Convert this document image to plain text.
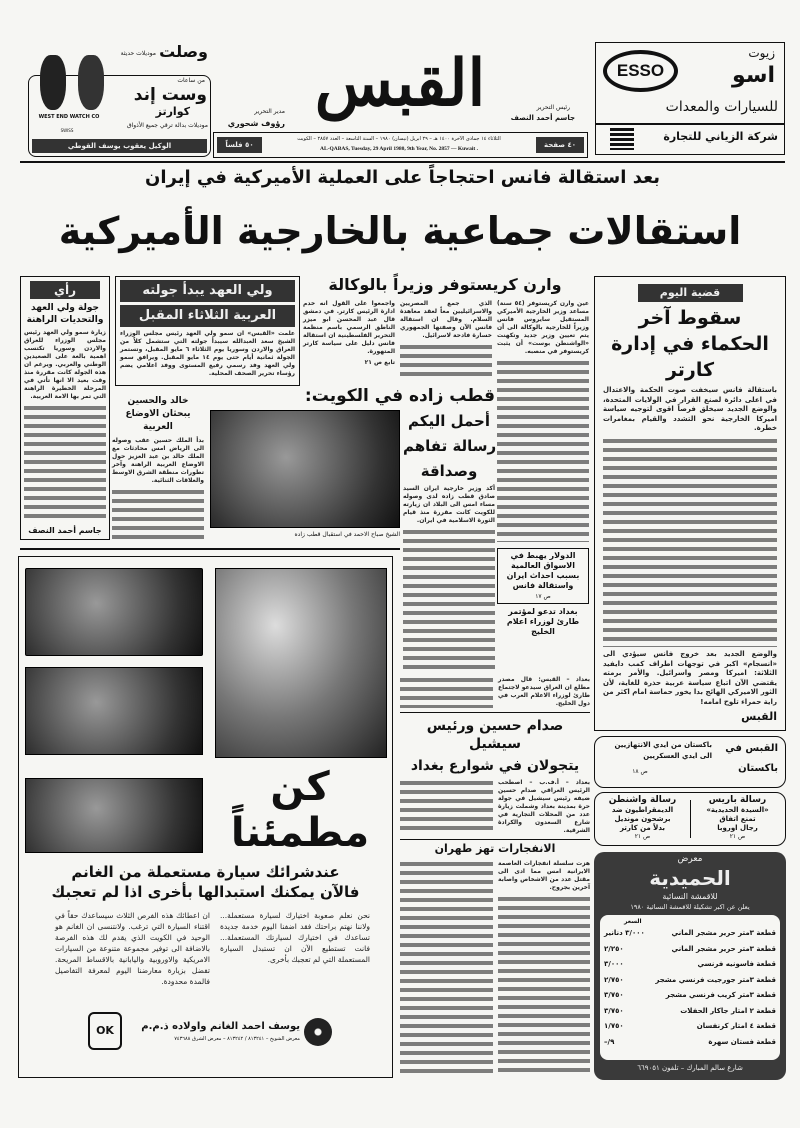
وصلت
موديلات حديثة
من ساعات
وست إند
كوارتز
موديلات بدالة ترقي جميع الأذواق
WEST END WATCH CO
SWISS
الوكيل يعقوب يوسف القوطي
القبس	رئيس التحرير
جاسم أحمد النصف
مدير التحرير
رؤوف شحوري
٥٠ فلساً	٤٠ صفحة
الثلاثاء ١٤ جمادى الآخرة ١٤٠٠ هـ – ٢٩ ابريل (نيسان) ١٩٨٠ – السنة التاسعة – العدد ٢٨٥٧ – الكويت
AL-QABAS, Tuesday, 29 April 1980, 9th Year, No. 2857 — Kuwait .
ESSO
زيوت
اسو
للسيارات والمعدات
شركة الزياني للتجارة
بعد استقالة فانس احتجاجاً على العملية الأميركية في إيران
استقالات جماعية بالخارجية الأميركية
قضية اليوم
سقوط آخر الحكماء في إدارة كارتر
باستقالة فانس سيخفت صوت الحكمة والاعتدال في اعلى دائرة لصنع القرار في الولايات المتحدة، والوضع الجديد سيخلق فرصاً اقوى لتوجيه سياسة اميركا الخارجية نحو التشدد والقيام بمغامرات خطرة.
والوضع الجديد بعد خروج فانس سيؤدي الى «انسجام» اكبر في توجهات اطراف كمب دايفيد الثلاثة: اميركا ومصر واسرائيل. والأمر برمته يقتضي الآن اتباع سياسة عربية حذرة للغاية، لأن الثور الاميركي الهائج بدا يخور حماسة امام اكثر من راية حمراء تلوح امامه!
القبس
القبس في
باكستان
باكستان من ايدي الانتهازيين
الى ايدي العسكريين
ص ١٨
رسالة باريس
«السيدة الحديدية»
تمنع اتفاق
رجال اوروبا
ص ٢١
رسالة واشنطن
الديمقراطيون ضد
برشحون مونديل
بدلاً من كارتر
ص ٢١
معرض
الحميدية
للاقمشة النسائية
يعلن عن اكبر تشكيلة للاقمشة النسائية ١٩٨٠
السعر
قطعة ٣متر حرير مشجر الماني
٣/٠٠٠ دنانير
قطعة ٣متر حرير مشجر الماني
٢/٢٥٠
قطعة فاسونيه فرنسي
٣/٠٠٠
قطعة ٣متر جورجيت فرنسي مشجر
٢/٧٥٠
قطعة ٣متر كريب فرنسي مشجر
٣/٧٥٠
قطعة ٢ امتار جاكار الحفلات
٣/٧٥٠
قطعة ٤ امتار كرنفسان
١/٧٥٠
قطعة فستان سهرة
٩/–
شارع سالم المبارك – تلفون ٦٦٩٠٥١
وارن كريستوفر وزيراً بالوكالة
عين وارن كريستوفر (٥٤ سنة) مساعد وزير الخارجية الأميركي المستقيل سايروس فانس وزيراً للخارجية بالوكالة الى أن يتم تعيين وزير جديد وتكهنت «الواشنطن بوست» أن يثبت كريستوفر في منصبه.
الذي جمع المصريين والاسرائيليين معاً لعقد معاهدة السلام. وقال ان استقالة فانس الآن وصفتها الجمهوري خسارة فادحة لاسرائيل.
واجمعوا على القول انه خدم ادارة الرئيس كارتر. في دمشق قال عبد المحسن ابو ميزر الناطق الرسمي باسم منظمة التحرير الفلسطينية ان استقالة فانس دليل على سياسة كارتر المتهورة.
تابع ص ٢١
رأي
جولة ولي العهد والتحديات الراهنة
زيارة سمو ولي العهد رئيس مجلس الوزراء للعراق والاردن وسوريا تكتسب اهمية بالغة على الصعيدين الوطني والعربي. ويرغم ان هذه الجولة كانت مقررة منذ وقت بعيد الا انها تأتي في المرحلة الخطيرة الراهنة التي تمر بها الامة العربية.
جاسم أحمد النصف
ولي العهد يبدأ جولته
العربية الثلاثاء المقبل
علمت «القبس» ان سمو ولي العهد رئيس مجلس الوزراء الشيخ سعد العبدالله سيبدأ جولته التي ستشمل كلاً من العراق والاردن وسوريا يوم الثلاثاء ٦ مايو المقبل، وتستمر الجولة ثمانية أيام حتى يوم ١٤ مايو المقبل. ويرافق سمو ولي العهد وفد رسمي رفيع المستوى ووفد اعلامي يضم رؤساء تحرير الصحف المحلية.
خالد والحسين يبحثان الاوضاع العربية
بدأ الملك حسين عقب وصوله الى الرياض امس محادثات مع الملك خالد بن عبد العزيز حول الاوضاع العربية الراهنة وآخر تطورات منطقة الشرق الاوسط والعلاقات الثنائية.
قطب زاده في الكويت:
الشيخ صباح الاحمد في استقبال قطب زاده
أحمل اليكم
رسالة تفاهم
وصداقة
أكد وزير خارجية ايران السيد صادق قطب زاده لدى وصوله مساء امس الى البلاد ان زيارته للكويت كانت مقررة منذ قيام الثورة الاسلامية في ايران.
الدولار يهبط في الاسواق العالمية بسبب احداث ايران واستقالة فانس
ص ١٧
بغداد تدعو لمؤتمر طارئ لوزراء اعلام الخليج
بغداد – القبس: قال مصدر مطلع ان العراق سيدعو لاجتماع طارئ لوزراء الاعلام العرب في دول الخليج.
صدام حسين ورئيس سيشيل
يتجولان في شوارع بغداد
بغداد – أ.ف.ب – اصطحب الرئيس العراقي صدام حسين ضيفه رئيس سيشيل في جولة حرة بمدينة بغداد وشملت زيارة عدد من المحلات التجارية في شارع السعدون والكرادة الشرقية.
الانفجارات تهز طهران
هزت سلسلة انفجارات العاصمة الايرانية امس مما ادى الى مقتل عدد من الاشخاص واصابة آخرين بجروح.
كن
مطمئناً
عندشرائك سيارة مستعملة من الغانم
فالآن يمكنك استبدالها بأخرى اذا لم تعجبك
نحن نعلم صعوبة اختيارك لسيارة مستعملة... ولاننا نهتم براحتك فقد اضفنا اليوم خدمة جديدة تساعدك في اختيارك لسيارتك المستعملة... فانت تستطيع الآن ان تستبدل السيارة المستعملة التي لم تعجبك بأخرى.
ان اعطائك هذه الفرص الثلاث سيساعدك حقاً في اقتناء السيارة التي ترغب. ولانتنسى ان الغانم هو الوحيد في الكويت الذي يقدم لك هذه الفرصة بالاضافة الى توفير مجموعة متنوعة من السيارات الامريكية والاوروبية واليابانية بالاقساط المريحة. تفضل بزيارة معارضنا اليوم لمعرفة التفاصيل فالمدة محدودة.
يوسف احمد الغانم واولاده ذ.م.م
معرض الشويخ – ٨١٣٢٤١ / ٨١٣٢٤٢ – معرض الشرق ٧٤٣٦٨٨
OK
